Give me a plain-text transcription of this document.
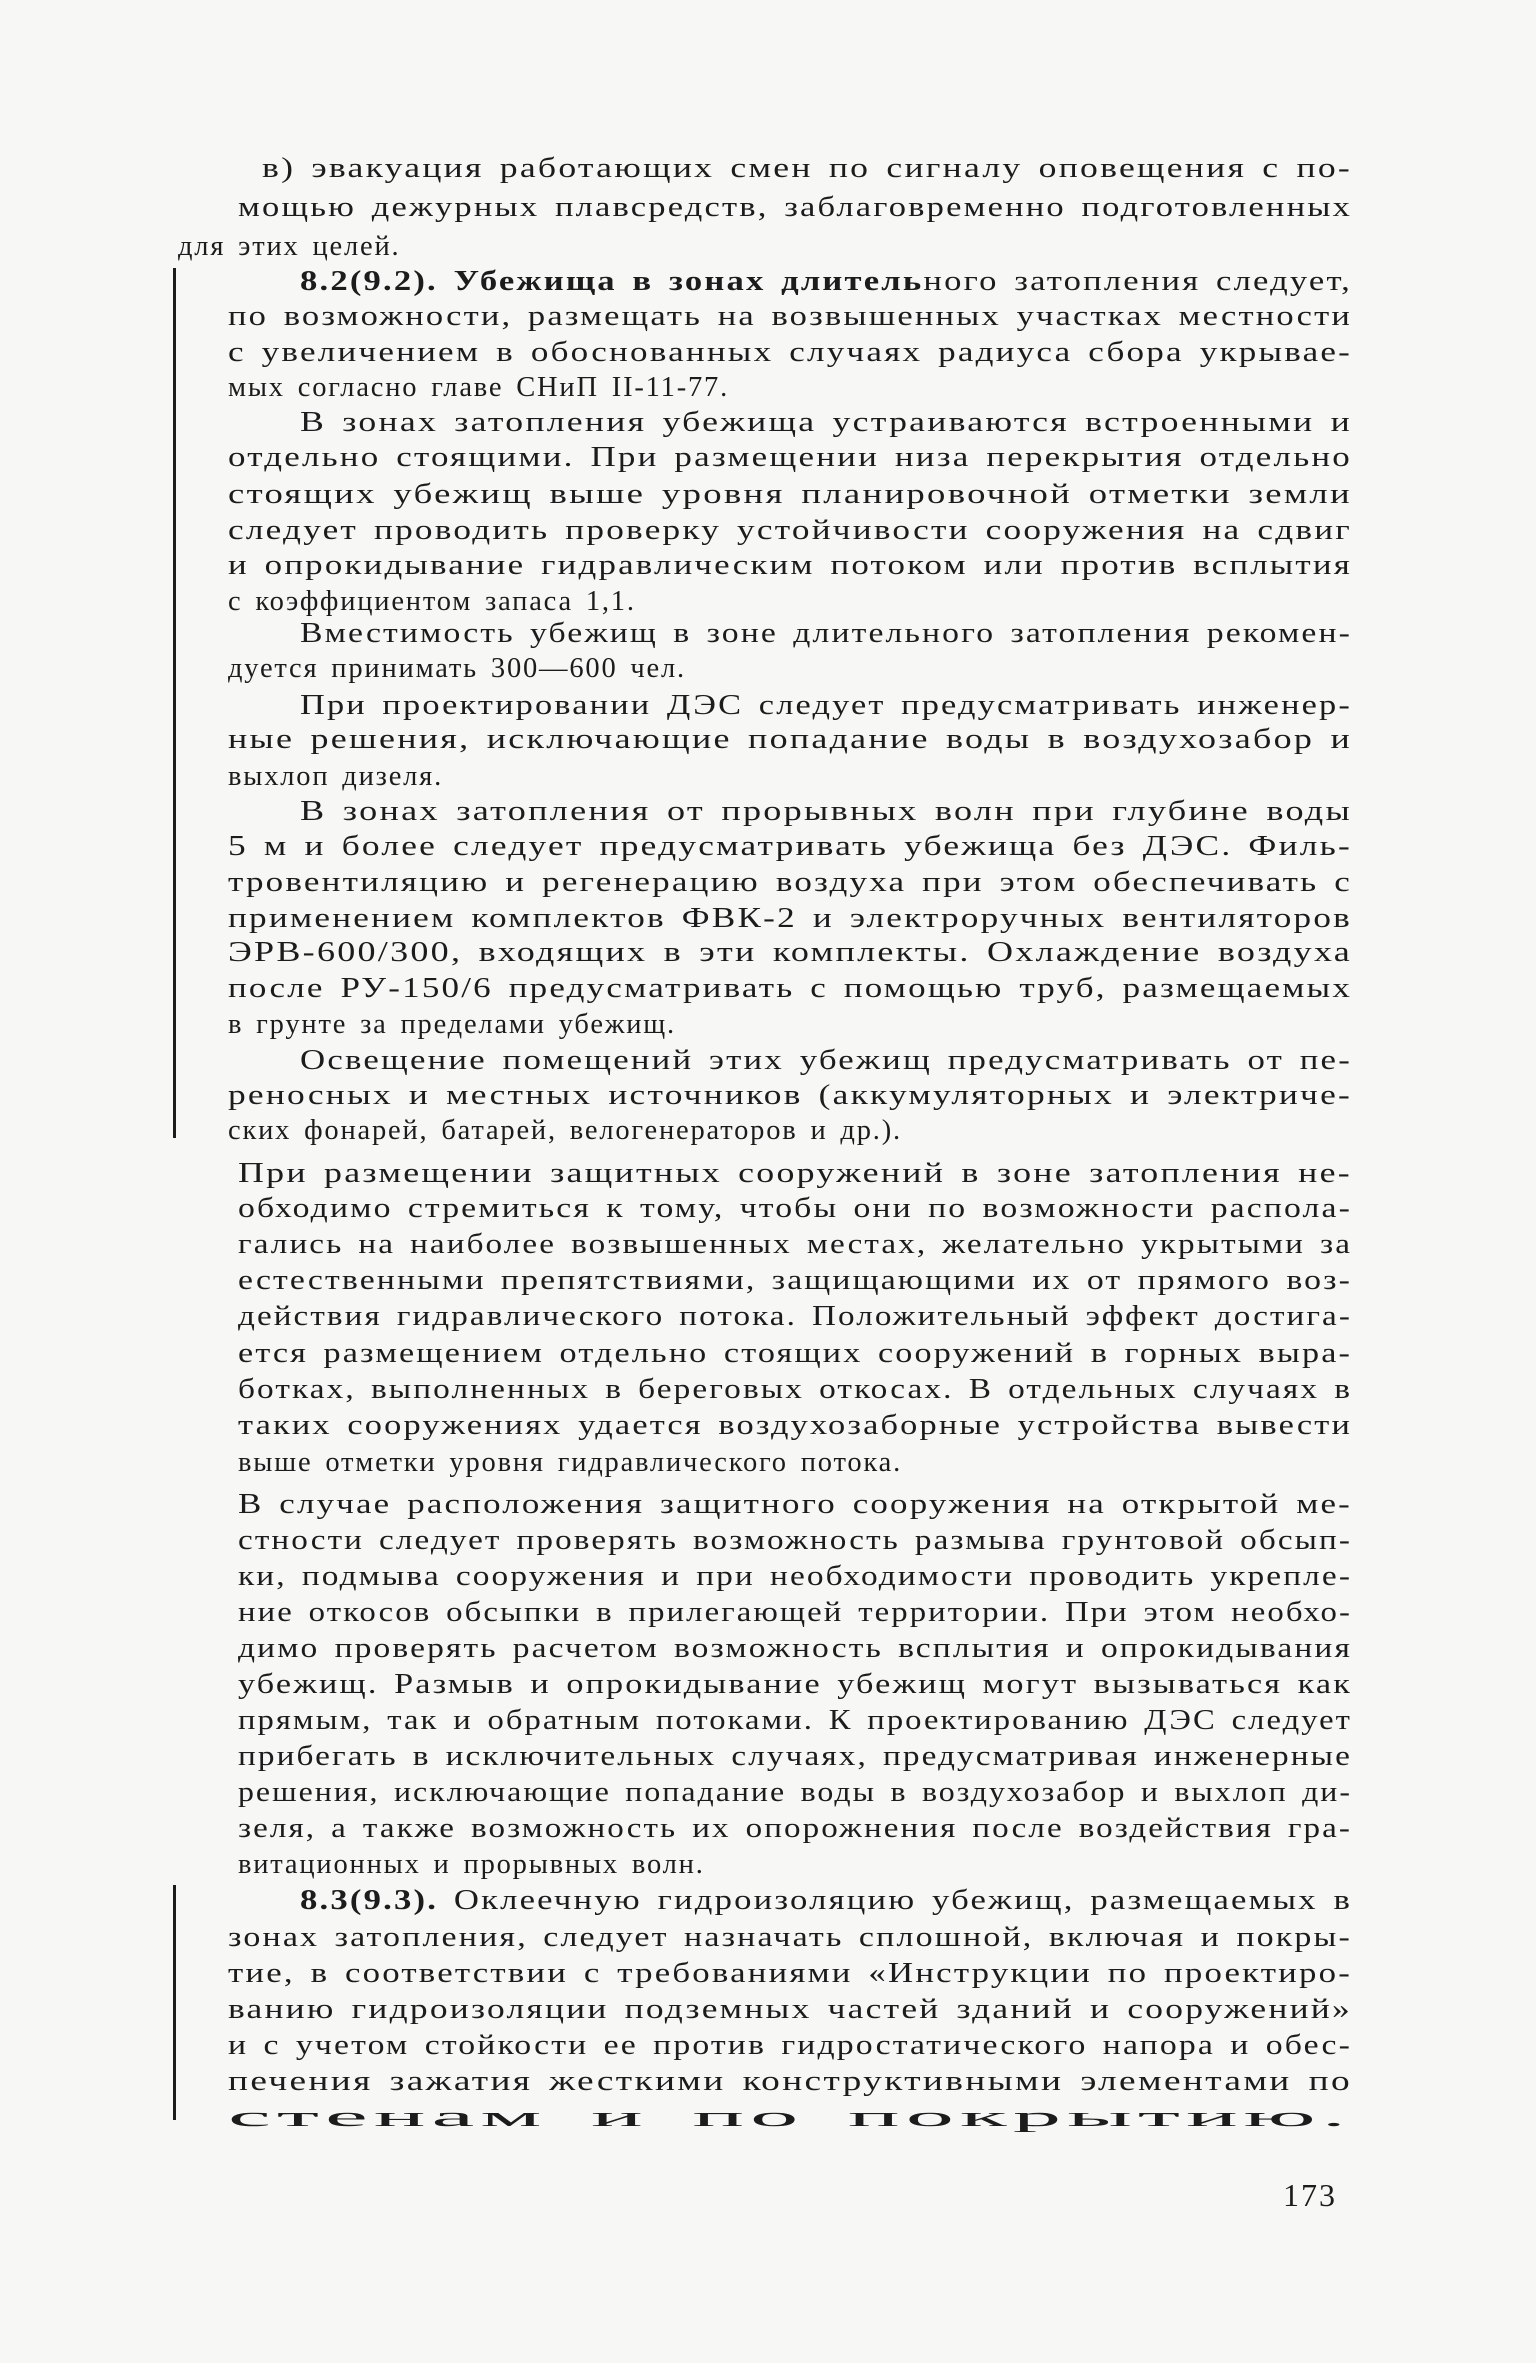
в) эвакуация работающих смен по сигналу оповещения с по-
мощью дежурных плавсредств, заблаговременно подготовленных
для этих целей.
8.2(9.2). Убежища в зонах длительного затопления следует,
по возможности, размещать на возвышенных участках местности
с увеличением в обоснованных случаях радиуса сбора укрывае-
мых согласно главе СНиП II-11-77.
В зонах затопления убежища устраиваются встроенными и
отдельно стоящими. При размещении низа перекрытия отдельно
стоящих убежищ выше уровня планировочной отметки земли
следует проводить проверку устойчивости сооружения на сдвиг
и опрокидывание гидравлическим потоком или против всплытия
с коэффициентом запаса 1,1.
Вместимость убежищ в зоне длительного затопления рекомен-
дуется принимать 300—600 чел.
При проектировании ДЭС следует предусматривать инженер-
ные решения, исключающие попадание воды в воздухозабор и
выхлоп дизеля.
В зонах затопления от прорывных волн при глубине воды
5 м и более следует предусматривать убежища без ДЭС. Филь-
тровентиляцию и регенерацию воздуха при этом обеспечивать с
применением комплектов ФВК-2 и электроручных вентиляторов
ЭРВ-600/300, входящих в эти комплекты. Охлаждение воздуха
после РУ-150/6 предусматривать с помощью труб, размещаемых
в грунте за пределами убежищ.
Освещение помещений этих убежищ предусматривать от пе-
реносных и местных источников (аккумуляторных и электриче-
ских фонарей, батарей, велогенераторов и др.).
При размещении защитных сооружений в зоне затопления не-
обходимо стремиться к тому, чтобы они по возможности распола-
гались на наиболее возвышенных местах, желательно укрытыми за
естественными препятствиями, защищающими их от прямого воз-
действия гидравлического потока. Положительный эффект достига-
ется размещением отдельно стоящих сооружений в горных выра-
ботках, выполненных в береговых откосах. В отдельных случаях в
таких сооружениях удается воздухозаборные устройства вывести
выше отметки уровня гидравлического потока.
В случае расположения защитного сооружения на открытой ме-
стности следует проверять возможность размыва грунтовой обсып-
ки, подмыва сооружения и при необходимости проводить укрепле-
ние откосов обсыпки в прилегающей территории. При этом необхо-
димо проверять расчетом возможность всплытия и опрокидывания
убежищ. Размыв и опрокидывание убежищ могут вызываться как
прямым, так и обратным потоками. К проектированию ДЭС следует
прибегать в исключительных случаях, предусматривая инженерные
решения, исключающие попадание воды в воздухозабор и выхлоп ди-
зеля, а также возможность их опорожнения после воздействия гра-
витационных и прорывных волн.
8.3(9.3). Оклеечную гидроизоляцию убежищ, размещаемых в
зонах затопления, следует назначать сплошной, включая и покры-
тие, в соответствии с требованиями «Инструкции по проектиро-
ванию гидроизоляции подземных частей зданий и сооружений»
и с учетом стойкости ее против гидростатического напора и обес-
печения зажатия жесткими конструктивными элементами по
стенам и по покрытию.
173
